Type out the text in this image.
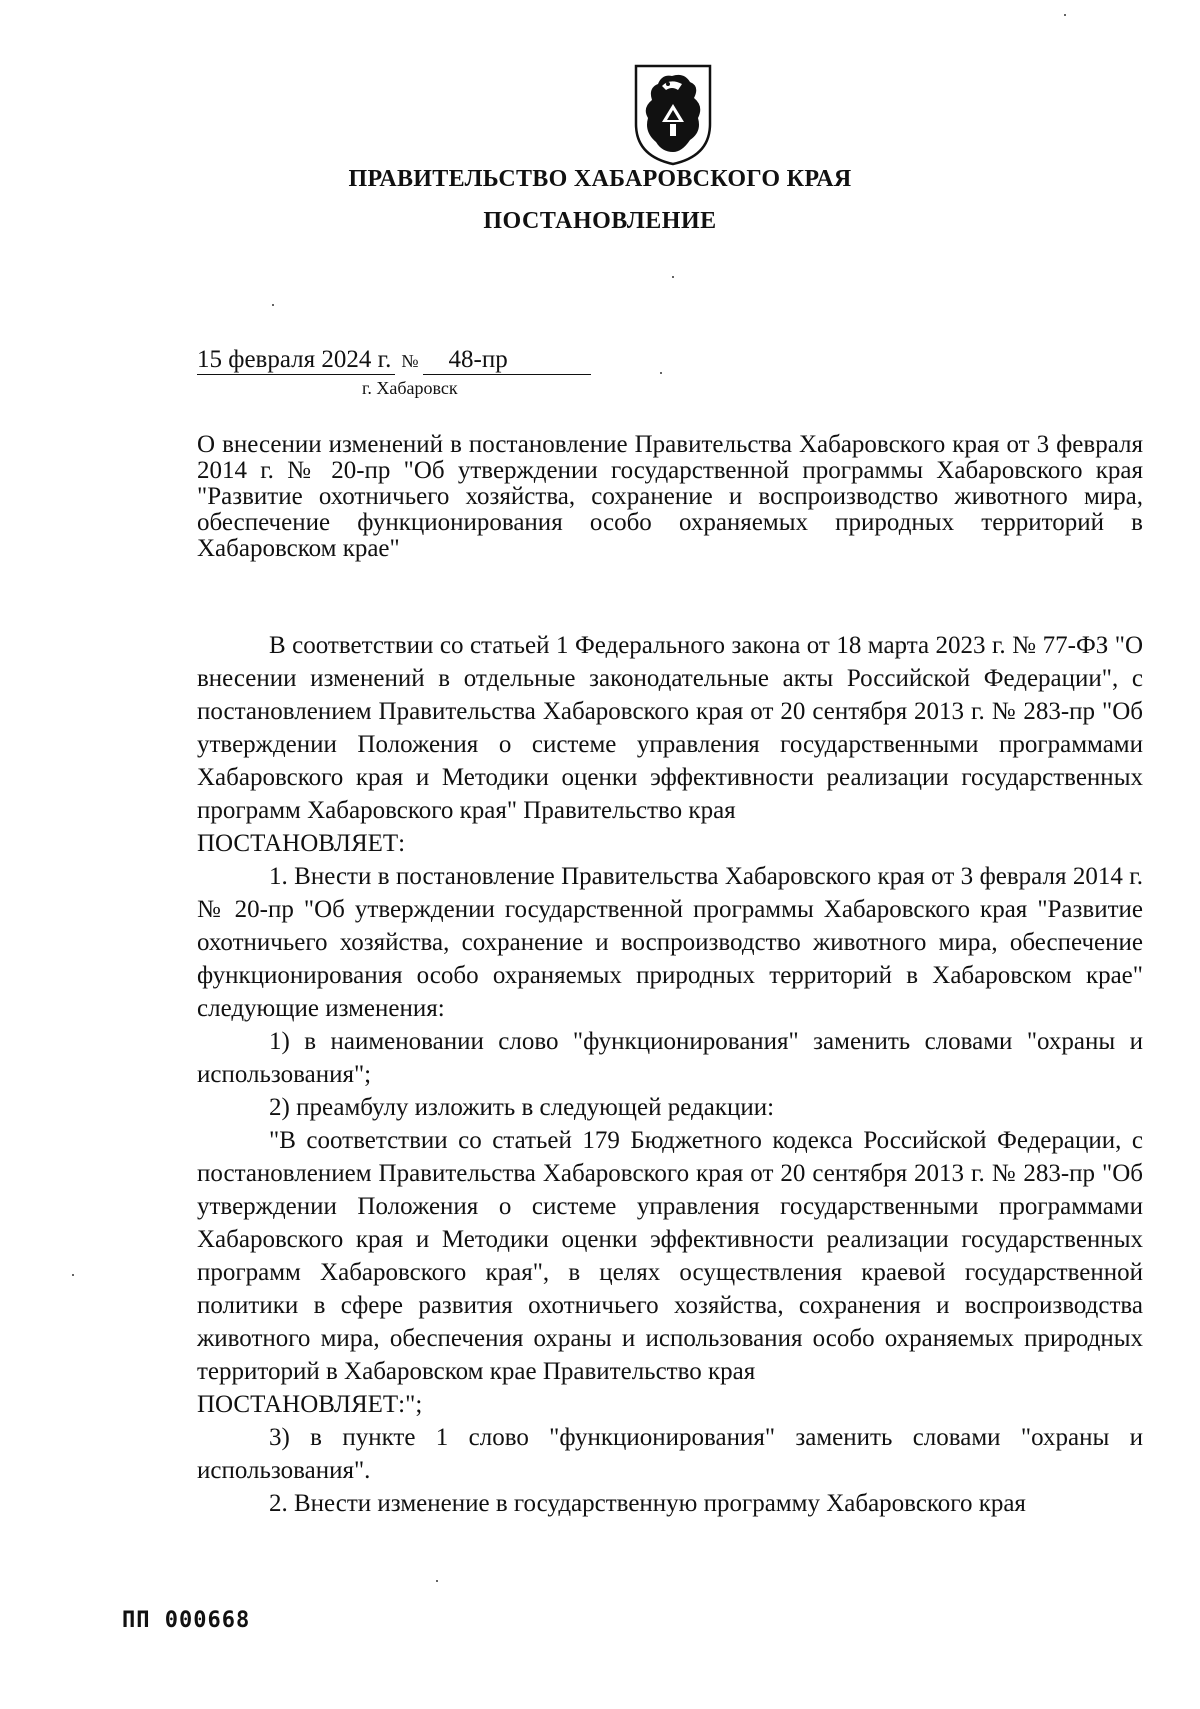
ПРАВИТЕЛЬСТВО ХАБАРОВСКОГО КРАЯ
ПОСТАНОВЛЕНИЕ
15 февраля 2024 г. № 48-пр
г. Хабаровск
О внесении изменений в постановление Правительства Хабаровского края от 3 февраля 2014 г. № 20-пр "Об утверждении государственной программы Хабаровского края "Развитие охотничьего хозяйства, сохранение и воспроизводство животного мира, обеспечение функционирования особо охраняемых природных территорий в Хабаровском крае"

В соответствии со статьей 1 Федерального закона от 18 марта 2023 г. № 77-ФЗ "О внесении изменений в отдельные законодательные акты Российской Федерации", с постановлением Правительства Хабаровского края от 20 сентября 2013 г. № 283-пр "Об утверждении Положения о системе управления государственными программами Хабаровского края и Методики оценки эффективности реализации государственных программ Хабаровского края" Правительство края

ПОСТАНОВЛЯЕТ:

1. Внести в постановление Правительства Хабаровского края от 3 февраля 2014 г. № 20-пр "Об утверждении государственной программы Хабаровского края "Развитие охотничьего хозяйства, сохранение и воспроизводство животного мира, обеспечение функционирования особо охраняемых природных территорий в Хабаровском крае" следующие изменения:

1) в наименовании слово "функционирования" заменить словами "охраны и использования";

2) преамбулу изложить в следующей редакции:

"В соответствии со статьей 179 Бюджетного кодекса Российской Федерации, с постановлением Правительства Хабаровского края от 20 сентября 2013 г. № 283-пр "Об утверждении Положения о системе управления государственными программами Хабаровского края и Методики оценки эффективности реализации государственных программ Хабаровского края", в целях осуществления краевой государственной политики в сфере развития охотничьего хозяйства, сохранения и воспроизводства животного мира, обеспечения охраны и использования особо охраняемых природных территорий в Хабаровском крае Правительство края

ПОСТАНОВЛЯЕТ:";

3) в пункте 1 слово "функционирования" заменить словами "охраны и использования".

2. Внести изменение в государственную программу Хабаровского края

ПП 000668
